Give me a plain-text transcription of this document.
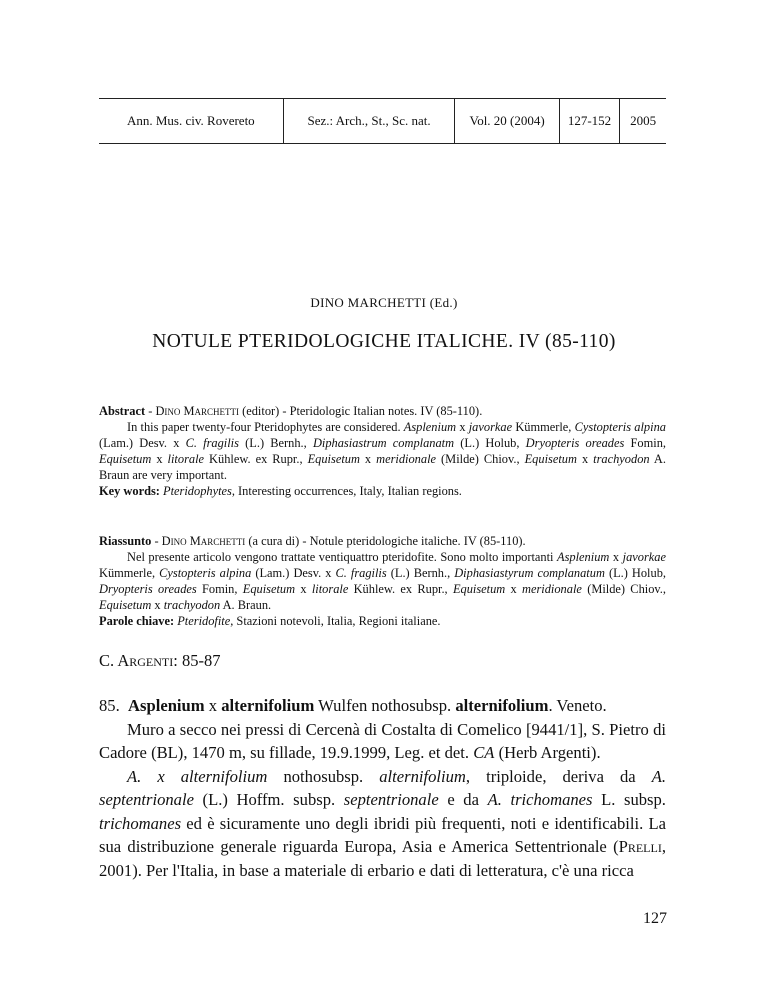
Ann. Mus. civ. Rovereto	Sez.: Arch., St., Sc. nat.	Vol. 20 (2004)	127-152	2005
DINO MARCHETTI (Ed.)
NOTULE PTERIDOLOGICHE ITALICHE. IV (85-110)

Abstract - Dino Marchetti (editor) - Pteridologic Italian notes. IV (85-110).

In this paper twenty-four Pteridophytes are considered. Asplenium x javorkae Kümmerle, Cystopteris alpina (Lam.) Desv. x C. fragilis (L.) Bernh., Diphasiastrum complanatm (L.) Holub, Dryopteris oreades Fomin, Equisetum x litorale Kühlew. ex Rupr., Equisetum x meridionale (Milde) Chiov., Equisetum x trachyodon A. Braun are very important.

Key words: Pteridophytes, Interesting occurrences, Italy, Italian regions.

Riassunto - Dino Marchetti (a cura di) - Notule pteridologiche italiche. IV (85-110).

Nel presente articolo vengono trattate ventiquattro pteridofite. Sono molto importanti Asplenium x javorkae Kümmerle, Cystopteris alpina (Lam.) Desv. x C. fragilis (L.) Bernh., Diphasiastyrum complanatum (L.) Holub, Dryopteris oreades Fomin, Equisetum x litorale Kühlew. ex Rupr., Equisetum x meridionale (Milde) Chiov., Equisetum x trachyodon A. Braun.

Parole chiave: Pteridofite, Stazioni notevoli, Italia, Regioni italiane.

C. Argenti: 85-87

85. Asplenium x alternifolium Wulfen nothosubsp. alternifolium. Veneto.

Muro a secco nei pressi di Cercenà di Costalta di Comelico [9441/1], S. Pietro di Cadore (BL), 1470 m, su fillade, 19.9.1999, Leg. et det. CA (Herb Argenti).

A. x alternifolium nothosubsp. alternifolium, triploide, deriva da A. septentrionale (L.) Hoffm. subsp. septentrionale e da A. trichomanes L. subsp. trichomanes ed è sicuramente uno degli ibridi più frequenti, noti e identificabili. La sua distribuzione generale riguarda Europa, Asia e America Settentrionale (Prelli, 2001). Per l'Italia, in base a materiale di erbario e dati di letteratura, c'è una ricca

127
